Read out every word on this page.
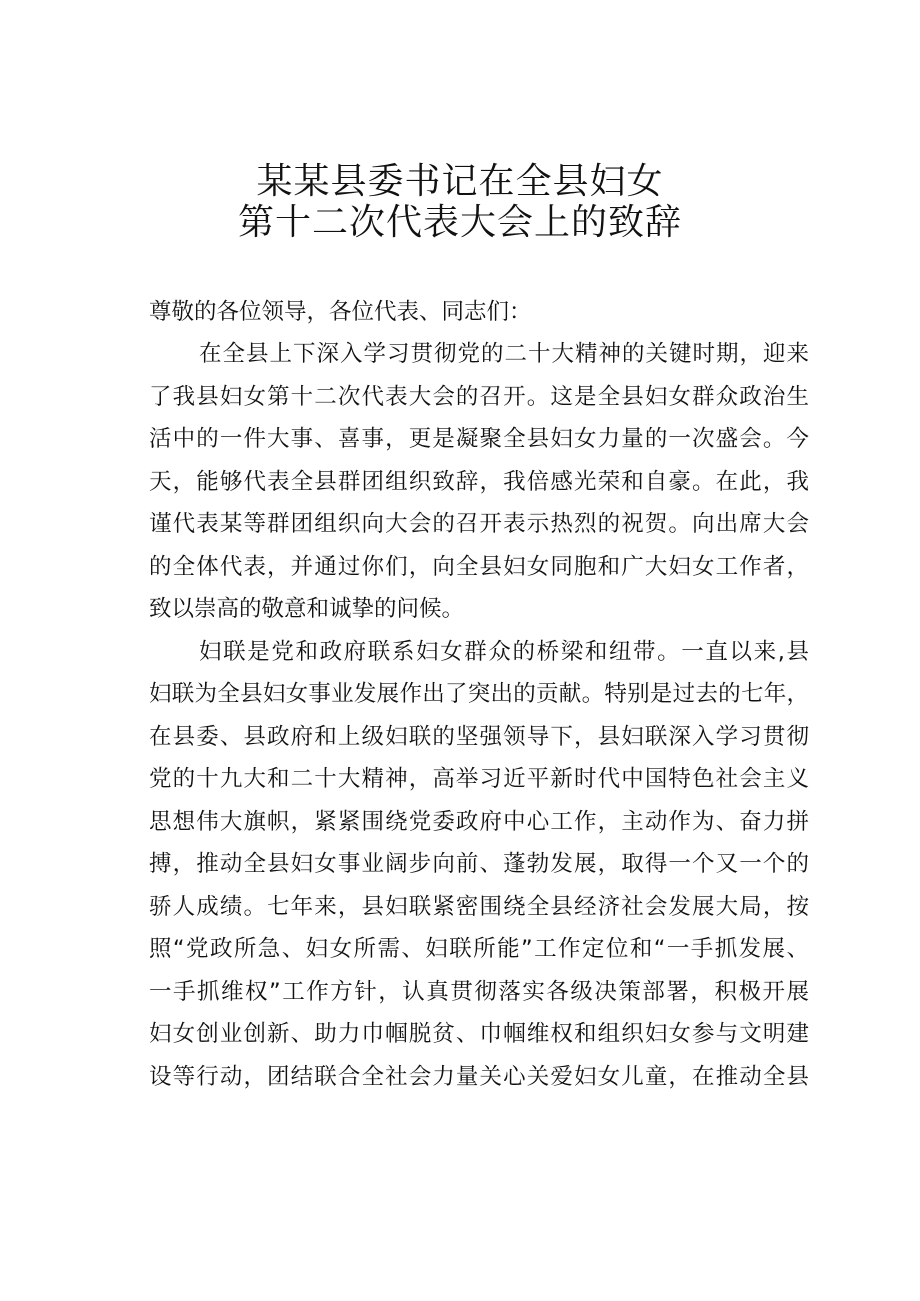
某某县委书记在全县妇女
第十二次代表大会上的致辞
尊敬的各位领导，各位代表、同志们：
在全县上下深入学习贯彻党的二十大精神的关键时期，迎来
了我县妇女第十二次代表大会的召开。这是全县妇女群众政治生
活中的一件大事、喜事，更是凝聚全县妇女力量的一次盛会。今
天，能够代表全县群团组织致辞，我倍感光荣和自豪。在此，我
谨代表某等群团组织向大会的召开表示热烈的祝贺。向出席大会
的全体代表，并通过你们，向全县妇女同胞和广大妇女工作者，
致以崇高的敬意和诚挚的问候。
妇联是党和政府联系妇女群众的桥梁和纽带。一直以来,县
妇联为全县妇女事业发展作出了突出的贡献。特别是过去的七年，
在县委、县政府和上级妇联的坚强领导下，县妇联深入学习贯彻
党的十九大和二十大精神，高举习近平新时代中国特色社会主义
思想伟大旗帜，紧紧围绕党委政府中心工作，主动作为、奋力拼
搏，推动全县妇女事业阔步向前、蓬勃发展，取得一个又一个的
骄人成绩。七年来，县妇联紧密围绕全县经济社会发展大局，按
照“党政所急、妇女所需、妇联所能”工作定位和“一手抓发展、
一手抓维权”工作方针，认真贯彻落实各级决策部署，积极开展
妇女创业创新、助力巾帼脱贫、巾帼维权和组织妇女参与文明建
设等行动，团结联合全社会力量关心关爱妇女儿童，在推动全县
